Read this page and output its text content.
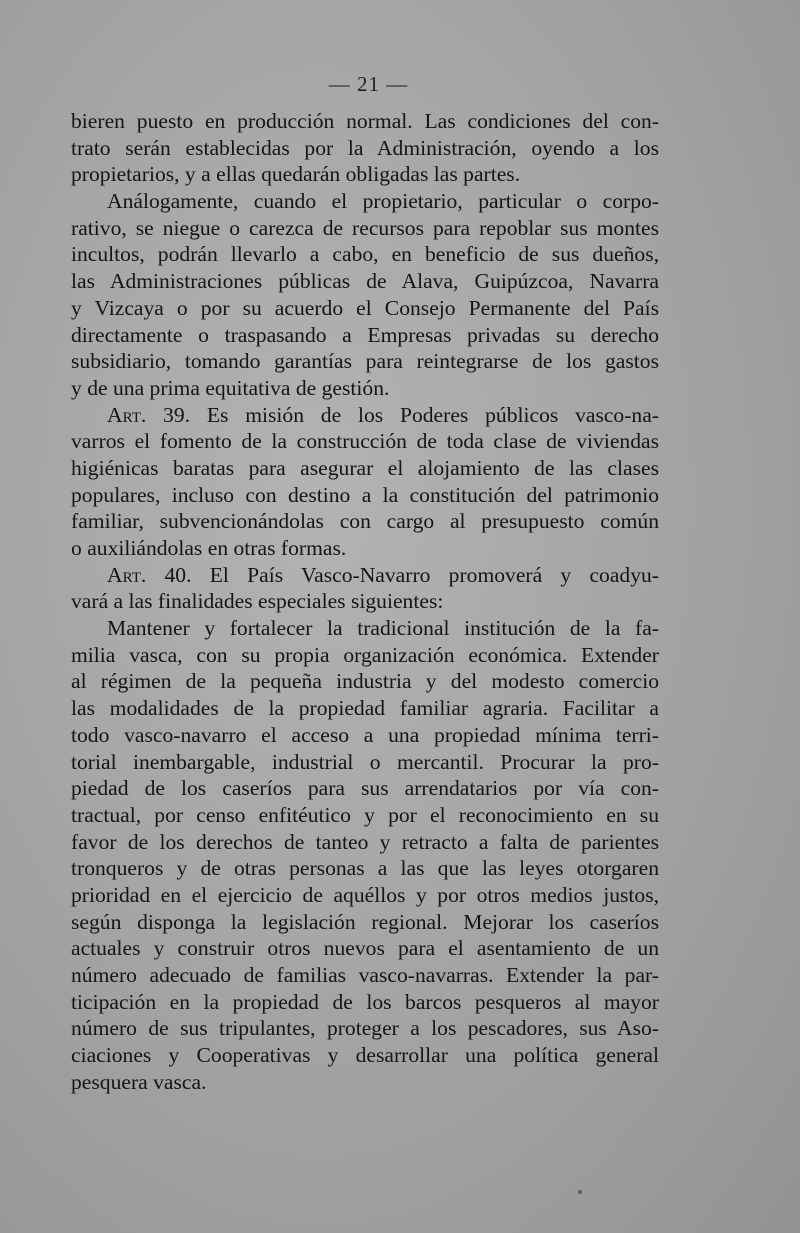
— 21 —
bieren puesto en producción normal. Las condiciones del con-
trato serán establecidas por la Administración, oyendo a los
propietarios, y a ellas quedarán obligadas las partes.
Análogamente, cuando el propietario, particular o corpo-
rativo, se niegue o carezca de recursos para repoblar sus montes
incultos, podrán llevarlo a cabo, en beneficio de sus dueños,
las Administraciones públicas de Alava, Guipúzcoa, Navarra
y Vizcaya o por su acuerdo el Consejo Permanente del País
directamente o traspasando a Empresas privadas su derecho
subsidiario, tomando garantías para reintegrarse de los gastos
y de una prima equitativa de gestión.
Art. 39. Es misión de los Poderes públicos vasco-na-
varros el fomento de la construcción de toda clase de viviendas
higiénicas baratas para asegurar el alojamiento de las clases
populares, incluso con destino a la constitución del patrimonio
familiar, subvencionándolas con cargo al presupuesto común
o auxiliándolas en otras formas.
Art. 40. El País Vasco-Navarro promoverá y coadyu-
vará a las finalidades especiales siguientes:
Mantener y fortalecer la tradicional institución de la fa-
milia vasca, con su propia organización económica. Extender
al régimen de la pequeña industria y del modesto comercio
las modalidades de la propiedad familiar agraria. Facilitar a
todo vasco-navarro el acceso a una propiedad mínima terri-
torial inembargable, industrial o mercantil. Procurar la pro-
piedad de los caseríos para sus arrendatarios por vía con-
tractual, por censo enfitéutico y por el reconocimiento en su
favor de los derechos de tanteo y retracto a falta de parientes
tronqueros y de otras personas a las que las leyes otorgaren
prioridad en el ejercicio de aquéllos y por otros medios justos,
según disponga la legislación regional. Mejorar los caseríos
actuales y construir otros nuevos para el asentamiento de un
número adecuado de familias vasco-navarras. Extender la par-
ticipación en la propiedad de los barcos pesqueros al mayor
número de sus tripulantes, proteger a los pescadores, sus Aso-
ciaciones y Cooperativas y desarrollar una política general
pesquera vasca.
